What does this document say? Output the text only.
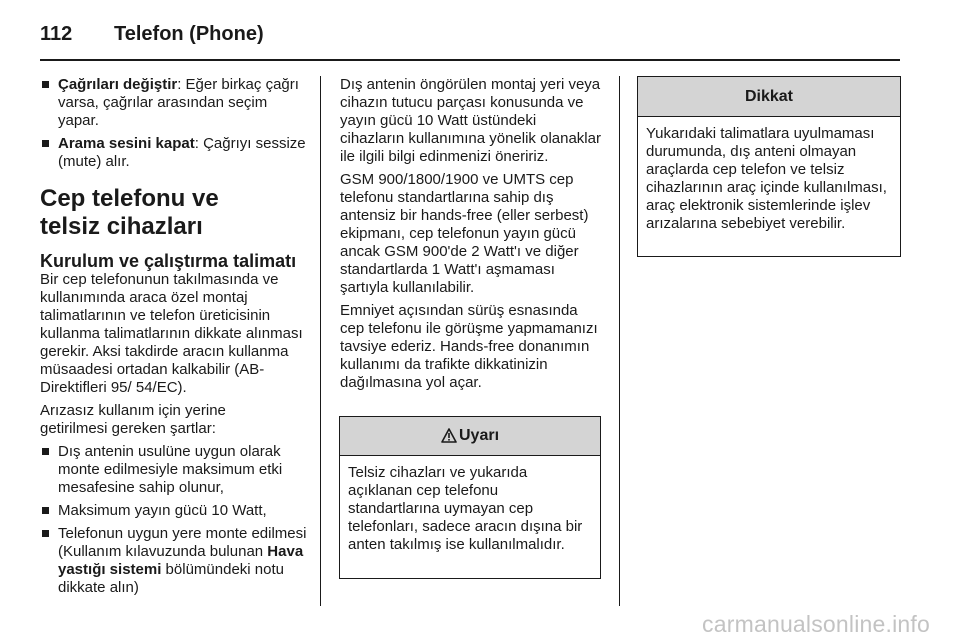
112 Telefon (Phone)
Çağrıları değiştir: Eğer birkaç çağrı varsa, çağrılar arasından seçim yapar.
Arama sesini kapat: Çağrıyı sessize (mute) alır.
Cep telefonu ve telsiz cihazları
Kurulum ve çalıştırma talimatı

Bir cep telefonunun takılmasında ve kullanımında araca özel montaj talimatlarının ve telefon üreticisinin kullanma talimatlarının dikkate alınması gerekir. Aksi takdirde aracın kullanma müsaadesi ortadan kalkabilir (AB-Direktifleri 95/ 54/EC).

Arızasız kullanım için yerine getirilmesi gereken şartlar:

Dış antenin usulüne uygun olarak monte edilmesiyle maksimum etki mesafesine sahip olunur,
Maksimum yayın gücü 10 Watt,
Telefonun uygun yere monte edilmesi (Kullanım kılavuzunda bulunan Hava yastığı sistemi bölümündeki notu dikkate alın)

Dış antenin öngörülen montaj yeri veya cihazın tutucu parçası konusunda ve yayın gücü 10 Watt üstündeki cihazların kullanımına yönelik olanaklar ile ilgili bilgi edinmenizi öneririz.

GSM 900/1800/1900 ve UMTS cep telefonu standartlarına sahip dış antensiz bir hands-free (eller serbest) ekipmanı, cep telefonun yayın gücü ancak GSM 900'de 2 Watt'ı ve diğer standartlarda 1 Watt'ı aşmaması şartıyla kullanılabilir.

Emniyet açısından sürüş esnasında cep telefonu ile görüşme yapmamanızı tavsiye ederiz. Hands-free donanımın kullanımı da trafikte dikkatinizin dağılmasına yol açar.

Uyarı
Telsiz cihazları ve yukarıda açıklanan cep telefonu standartlarına uymayan cep telefonları, sadece aracın dışına bir anten takılmış ise kullanılmalıdır.
Dikkat
Yukarıdaki talimatlara uyulmaması durumunda, dış anteni olmayan araçlarda cep telefon ve telsiz cihazlarının araç içinde kullanılması, araç elektronik sistemlerinde işlev arızalarına sebebiyet verebilir.
carmanualsonline.info
